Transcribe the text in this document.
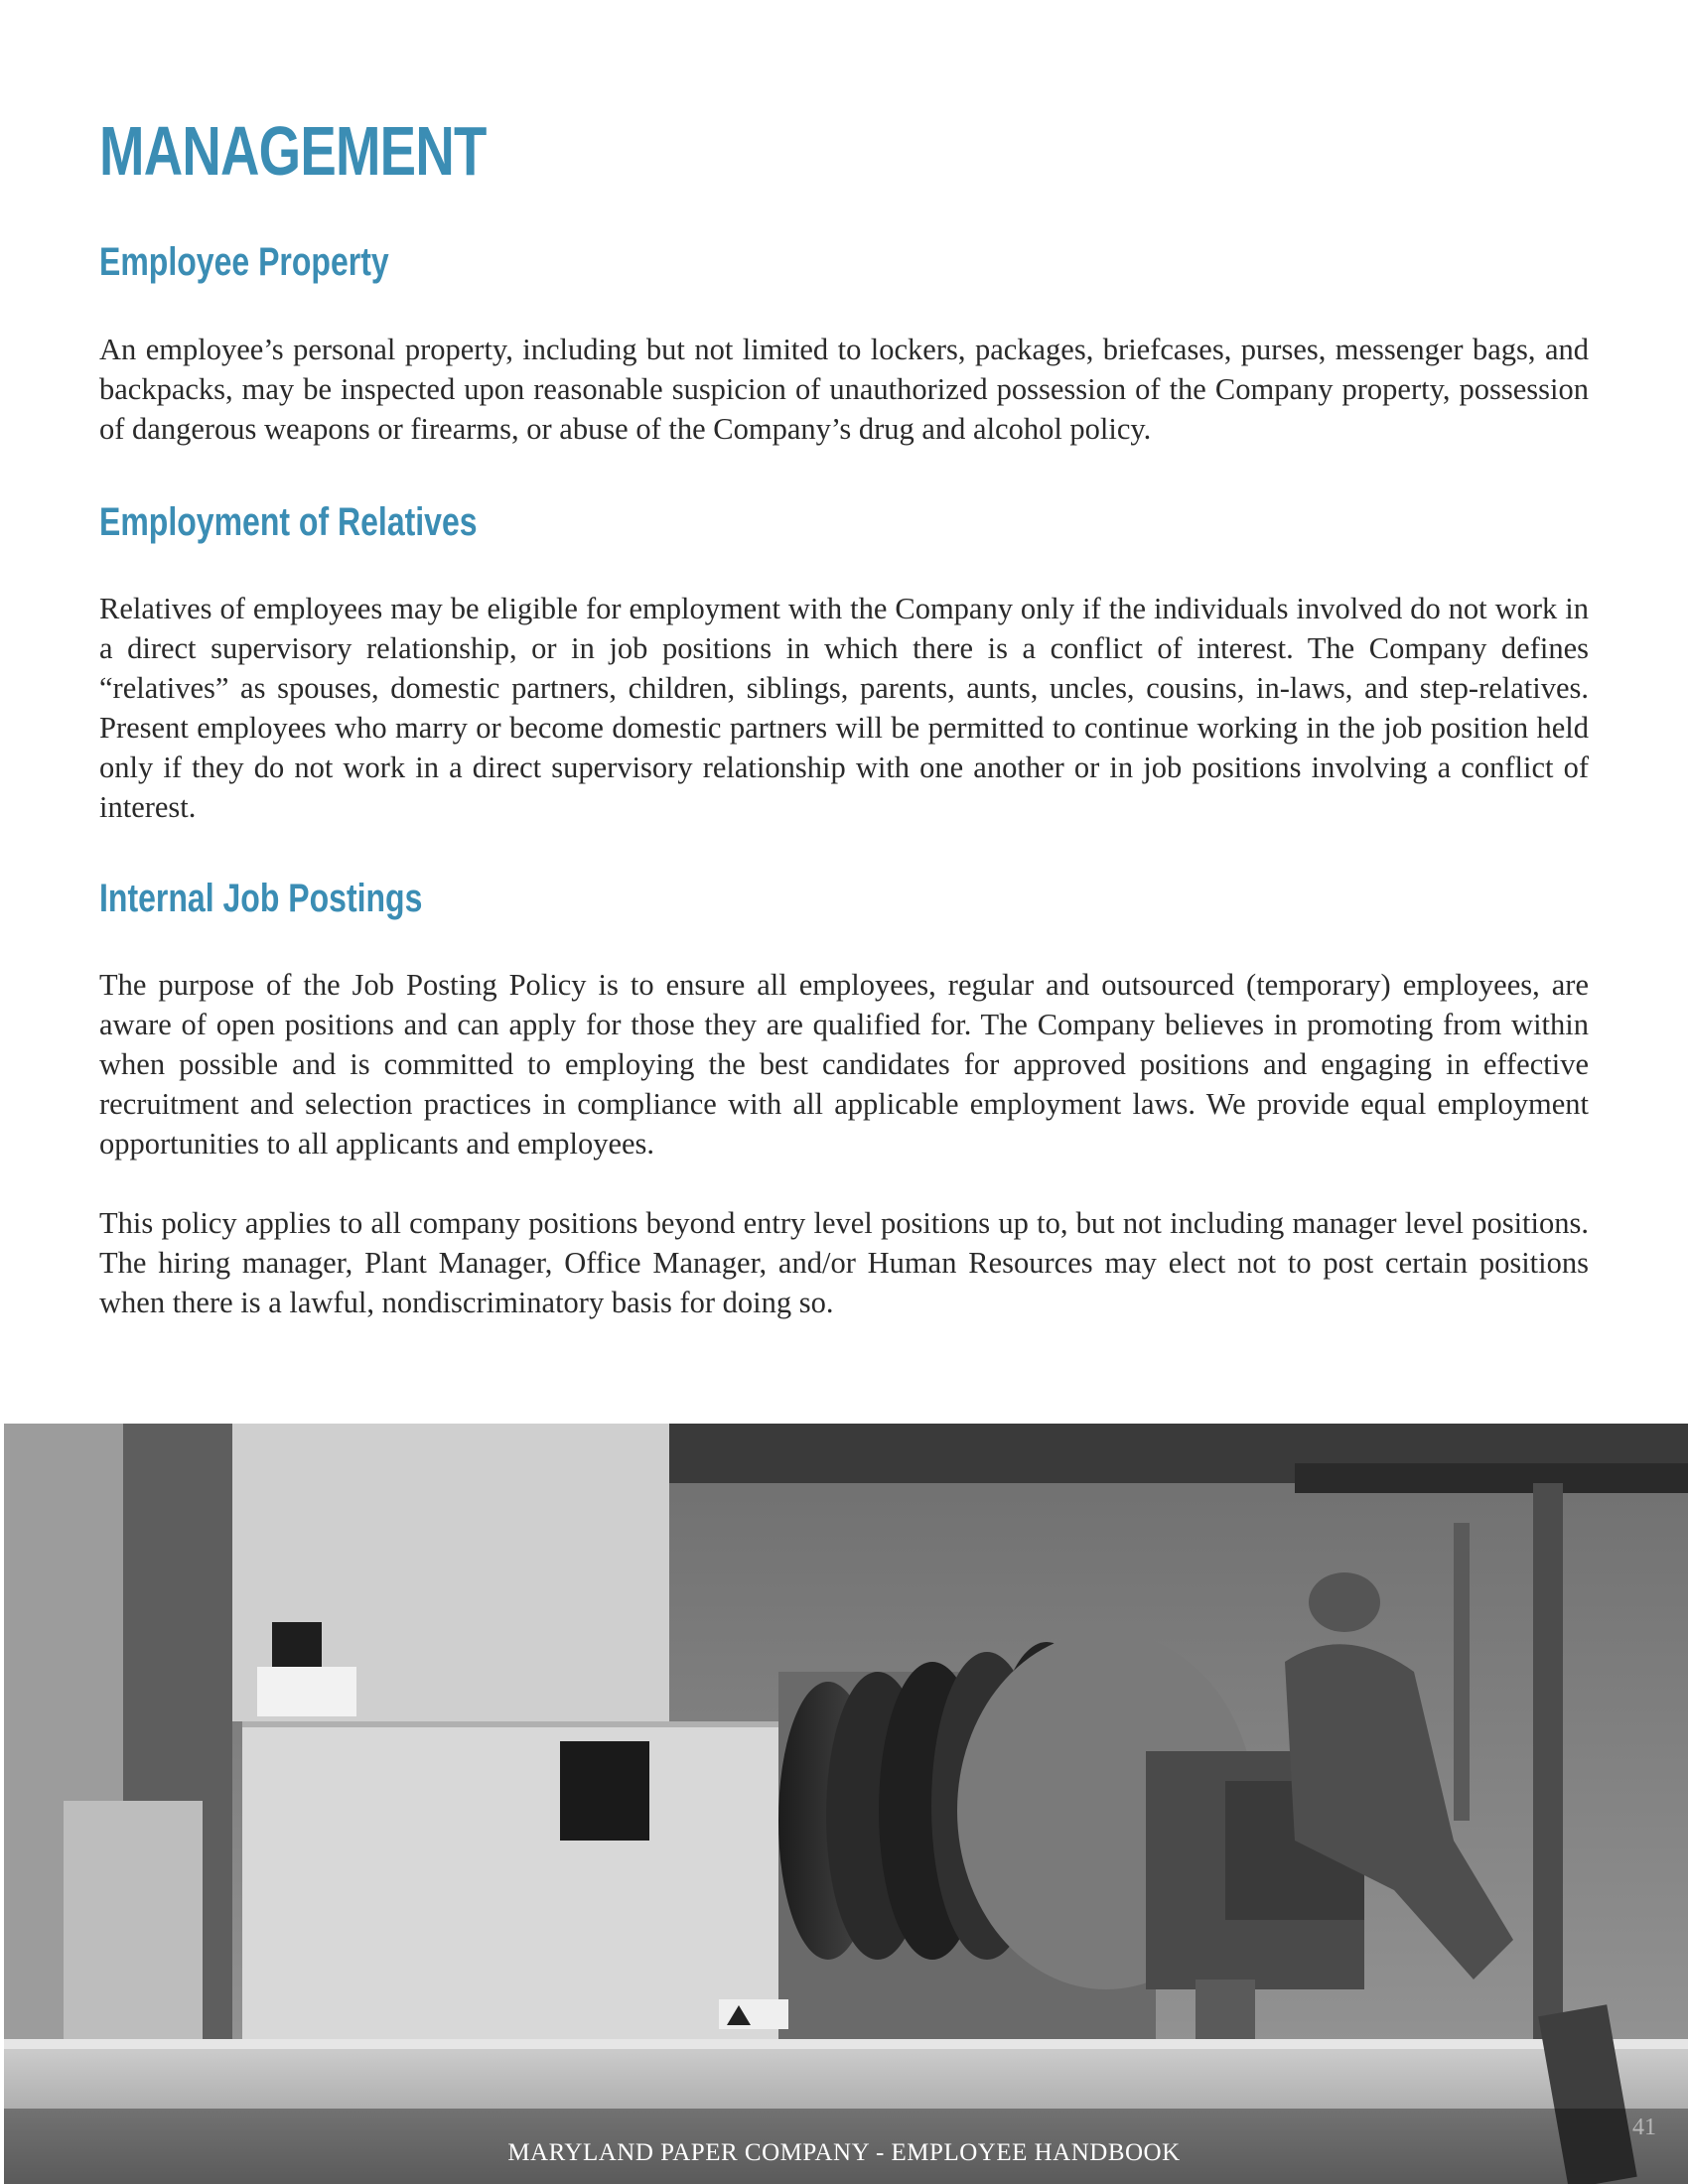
MANAGEMENT
Employee Property

An employee’s personal property, including but not limited to lockers, packages, briefcases, purses, messenger bags, and backpacks, may be inspected upon reasonable suspicion of unauthorized possession of the Company property, possession of dangerous weapons or firearms, or abuse of the Company’s drug and alcohol policy.

Employment of Relatives

Relatives of employees may be eligible for employment with the Company only if the individuals involved do not work in a direct supervisory relationship, or in job positions in which there is a conflict of interest. The Company defines “relatives” as spouses, domestic partners, children, siblings, parents, aunts, uncles, cousins, in-laws, and step-relatives. Present employees who marry or become domestic partners will be permitted to continue working in the job position held only if they do not work in a direct supervisory relationship with one another or in job positions involving a conflict of interest.

Internal Job Postings

The purpose of the Job Posting Policy is to ensure all employees, regular and outsourced (temporary) employees, are aware of open positions and can apply for those they are qualified for. The Company believes in promoting from within when possible and is committed to employing the best candidates for approved positions and engaging in effective recruitment and selection practices in compliance with all applicable employment laws. We provide equal employment opportunities to all applicants and employees.

This policy applies to all company positions beyond entry level positions up to, but not including manager level positions. The hiring manager, Plant Manager, Office Manager, and/or Human Resources may elect not to post certain positions when there is a lawful, nondiscriminatory basis for doing so.

MARYLAND PAPER COMPANY - EMPLOYEE HANDBOOK
41
